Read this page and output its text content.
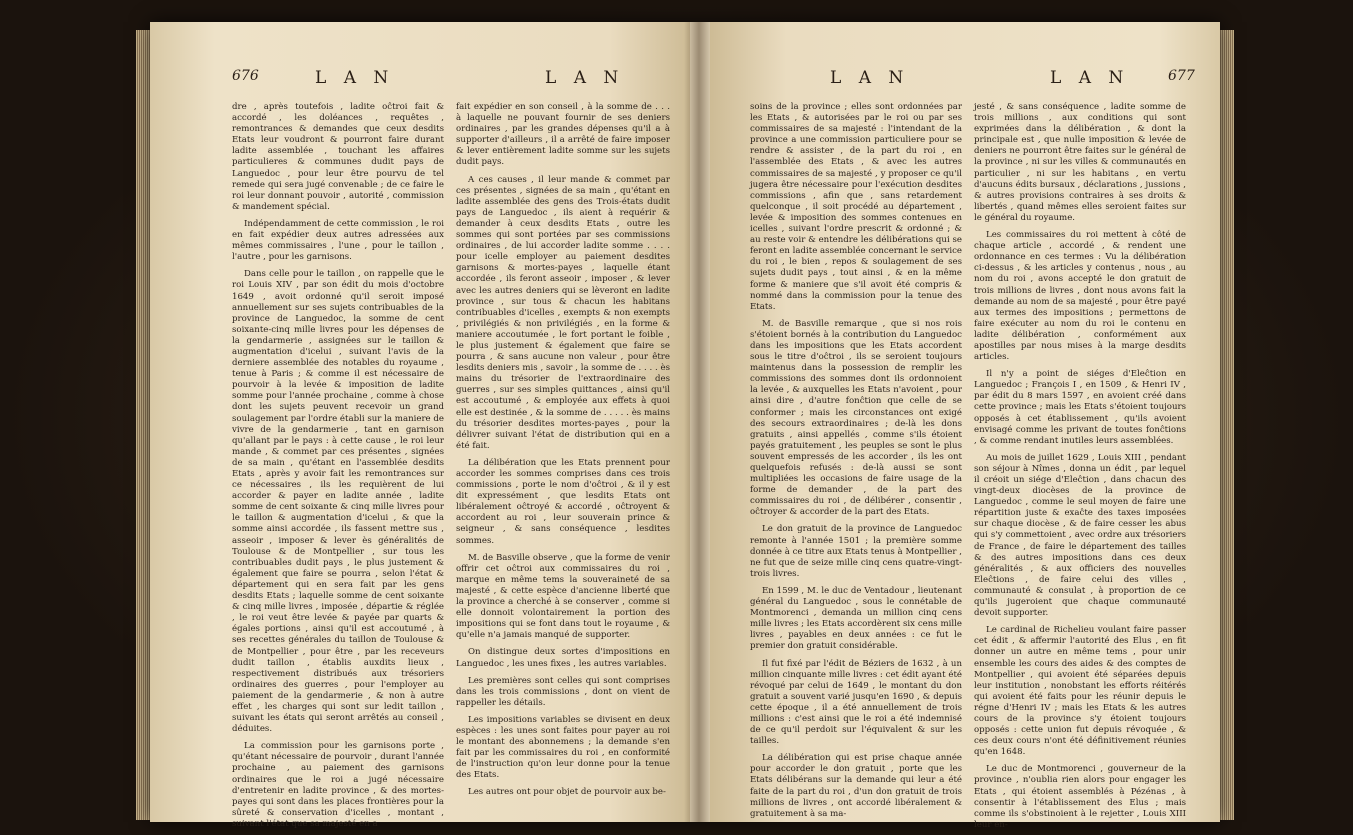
676	L A N	L A N

dre , après toutefois , ladite oĉtroi fait & accordé , les doléances , requêtes , remontrances & demandes que ceux desdits Etats leur voudront & pourront faire durant ladite assemblée , touchant les affaires particulieres & communes dudit pays de Languedoc , pour leur être pourvu de tel remede qui sera jugé convenable ; de ce faire le roi leur donnant pouvoir , autorité , commission & mandement spécial.

Indépendamment de cette commission , le roi en fait expédier deux autres adressées aux mêmes commissaires , l'une , pour le taillon , l'autre , pour les garnisons.

Dans celle pour le taillon , on rappelle que le roi Louis XIV , par son édit du mois d'octobre 1649 , avoit ordonné qu'il seroit imposé annuellement sur ses sujets contribuables de la province de Languedoc, la somme de cent soixante-cinq mille livres pour les dépenses de la gendarmerie , assignées sur le taillon & augmentation d'icelui , suivant l'avis de la derniere assemblée des notables du royaume , tenue à Paris ; & comme il est nécessaire de pourvoir à la levée & imposition de ladite somme pour l'année prochaine , comme à chose dont les sujets peuvent recevoir un grand soulagement par l'ordre établi sur la maniere de vivre de la gendarmerie , tant en garnison qu'allant par le pays : à cette cause , le roi leur mande , & commet par ces présentes , signées de sa main , qu'étant en l'assemblée desdits Etats , après y avoir fait les remontrances sur ce nécessaires , ils les requièrent de lui accorder & payer en ladite année , ladite somme de cent soixante & cinq mille livres pour le taillon & augmentation d'icelui , & que la somme ainsi accordée , ils fassent mettre sus , asseoir , imposer & lever ès généralités de Toulouse & de Montpellier , sur tous les contribuables dudit pays , le plus justement & également que faire se pourra , selon l'état & département qui en sera fait par les gens desdits Etats ; laquelle somme de cent soixante & cinq mille livres , imposée , départie & réglée , le roi veut être levée & payée par quarts & égales portions , ainsi qu'il est accoutumé , à ses recettes générales du taillon de Toulouse & de Montpellier , pour être , par les receveurs dudit taillon , établis auxdits lieux , respectivement distribués aux trésoriers ordinaires des guerres , pour l'employer au paiement de la gendarmerie , & non à autre effet , les charges qui sont sur ledit taillon , suivant les états qui seront arrêtés au conseil , déduites.

La commission pour les garnisons porte , qu'étant nécessaire de pourvoir , durant l'année prochaine , au paiement des garnisons ordinaires que le roi a jugé nécessaire d'entretenir en ladite province , & des mortes-payes qui sont dans les places frontières pour la sûreté & conservation d'icelles , montant , suivant l'état que sa majesté en a

fait expédier en son conseil , à la somme de . . . à laquelle ne pouvant fournir de ses deniers ordinaires , par les grandes dépenses qu'il a à supporter d'ailleurs , il a arrêté de faire imposer & lever entièrement ladite somme sur les sujets dudit pays.

A ces causes , il leur mande & commet par ces présentes , signées de sa main , qu'étant en ladite assemblée des gens des Trois-états dudit pays de Languedoc , ils aient à requérir & demander à ceux desdits Etats , outre les sommes qui sont portées par ses commissions ordinaires , de lui accorder ladite somme . . . . pour icelle employer au paiement desdites garnisons & mortes-payes , laquelle étant accordée , ils feront asseoir , imposer , & lever avec les autres deniers qui se lèveront en ladite province , sur tous & chacun les habitans contribuables d'icelles , exempts & non exempts , privilégiés & non privilégiés , en la forme & maniere accoutumée , le fort portant le foible , le plus justement & également que faire se pourra , & sans aucune non valeur , pour être lesdits deniers mis , savoir , la somme de . . . . ès mains du trésorier de l'extraordinaire des guerres , sur ses simples quittances , ainsi qu'il est accoutumé , & employée aux effets à quoi elle est destinée , & la somme de . . . . . ès mains du trésorier desdites mortes-payes , pour la délivrer suivant l'état de distribution qui en a été fait.

La délibération que les Etats prennent pour accorder les sommes comprises dans ces trois commissions , porte le nom d'oĉtroi , & il y est dit expressément , que lesdits Etats ont libéralement oĉtroyé & accordé , oĉtroyent & accordent au roi , leur souverain prince & seigneur , & sans conséquence , lesdites sommes.

M. de Basville observe , que la forme de venir offrir cet oĉtroi aux commissaires du roi , marque en même tems la souveraineté de sa majesté , & cette espèce d'ancienne liberté que la province a cherché à se conserver , comme si elle donnoit volontairement la portion des impositions qui se font dans tout le royaume , & qu'elle n'a jamais manqué de supporter.

On distingue deux sortes d'impositions en Languedoc , les unes fixes , les autres variables.

Les premières sont celles qui sont comprises dans les trois commissions , dont on vient de rappeller les détails.

Les impositions variables se divisent en deux espèces : les unes sont faites pour payer au roi le montant des abonnemens ; la demande s'en fait par les commissaires du roi , en conformité de l'instruction qu'on leur donne pour la tenue des Etats.

Les autres ont pour objet de pourvoir aux be-

L A N	L A N	677

soins de la province ; elles sont ordonnées par les Etats , & autorisées par le roi ou par ses commissaires de sa majesté : l'intendant de la province a une commission particuliere pour se rendre & assister , de la part du roi , en l'assemblée des Etats , & avec les autres commissaires de sa majesté , y proposer ce qu'il jugera être nécessaire pour l'exécution desdites commissions , afin que , sans retardement quelconque , il soit procédé au département , levée & imposition des sommes contenues en icelles , suivant l'ordre prescrit & ordonné ; & au reste voir & entendre les délibérations qui se feront en ladite assemblée concernant le service du roi , le bien , repos & soulagement de ses sujets dudit pays , tout ainsi , & en la même forme & maniere que s'il avoit été compris & nommé dans la commission pour la tenue des Etats.

M. de Basville remarque , que si nos rois s'étoient bornés à la contribution du Languedoc dans les impositions que les Etats accordent sous le titre d'oĉtroi , ils se seroient toujours maintenus dans la possession de remplir les commissions des sommes dont ils ordonnoient la levée , & auxquelles les Etats n'avoient , pour ainsi dire , d'autre fonĉtion que celle de se conformer ; mais les circonstances ont exigé des secours extraordinaires ; de-là les dons gratuits , ainsi appellés , comme s'ils étoient payés gratuitement , les peuples se sont le plus souvent empressés de les accorder , ils les ont quelquefois refusés : de-là aussi se sont multipliées les occasions de faire usage de la forme de demander , de la part des commissaires du roi , de délibérer , consentir , oĉtroyer & accorder de la part des Etats.

Le don gratuit de la province de Languedoc remonte à l'année 1501 ; la première somme donnée à ce titre aux Etats tenus à Montpellier , ne fut que de seize mille cinq cens quatre-vingt-trois livres.

En 1599 , M. le duc de Ventadour , lieutenant général du Languedoc , sous le connétable de Montmorenci , demanda un million cinq cens mille livres ; les Etats accordèrent six cens mille livres , payables en deux années : ce fut le premier don gratuit considérable.

Il fut fixé par l'édit de Béziers de 1632 , à un million cinquante mille livres : cet édit ayant été révoqué par celui de 1649 , le montant du don gratuit a souvent varié jusqu'en 1690 , & depuis cette époque , il a été annuellement de trois millions : c'est ainsi que le roi a été indemnisé de ce qu'il perdoit sur l'équivalent & sur les tailles.

La délibération qui est prise chaque année pour accorder le don gratuit , porte que les Etats délibérans sur la demande qui leur a été faite de la part du roi , d'un don gratuit de trois millions de livres , ont accordé libéralement & gratuitement à sa ma-

jesté , & sans conséquence , ladite somme de trois millions , aux conditions qui sont exprimées dans la délibération , & dont la principale est , que nulle imposition & levée de deniers ne pourront être faites sur le général de la province , ni sur les villes & communautés en particulier , ni sur les habitans , en vertu d'aucuns édits bursaux , déclarations , jussions , & autres provisions contraires à ses droits & libertés , quand mêmes elles seroient faites sur le général du royaume.

Les commissaires du roi mettent à côté de chaque article , accordé , & rendent une ordonnance en ces termes : Vu la délibération ci-dessus , & les articles y contenus , nous , au nom du roi , avons accepté le don gratuit de trois millions de livres , dont nous avons fait la demande au nom de sa majesté , pour être payé aux termes des impositions ; permettons de faire exécuter au nom du roi le contenu en ladite délibération , conformément aux apostilles par nous mises à la marge desdits articles.

Il n'y a point de siéges d'Eleĉtion en Languedoc ; François I , en 1509 , & Henri IV , par édit du 8 mars 1597 , en avoient créé dans cette province ; mais les Etats s'étoient toujours opposés à cet établissement , qu'ils avoient envisagé comme les privant de toutes fonĉtions , & comme rendant inutiles leurs assemblées.

Au mois de juillet 1629 , Louis XIII , pendant son séjour à Nîmes , donna un édit , par lequel il créoit un siége d'Eleĉtion , dans chacun des vingt-deux diocèses de la province de Languedoc , comme le seul moyen de faire une répartition juste & exaĉte des taxes imposées sur chaque diocèse , & de faire cesser les abus qui s'y commettoient , avec ordre aux trésoriers de France , de faire le département des tailles & des autres impositions dans ces deux généralités , & aux officiers des nouvelles Eleĉtions , de faire celui des villes , communauté & consulat , à proportion de ce qu'ils jugeroient que chaque communauté devoit supporter.

Le cardinal de Richelieu voulant faire passer cet édit , & affermir l'autorité des Elus , en fit donner un autre en même tems , pour unir ensemble les cours des aides & des comptes de Montpellier , qui avoient été séparées depuis leur institution , nonobstant les efforts réitérés qui avoient été faits pour les réunir depuis le régne d'Henri IV ; mais les Etats & les autres cours de la province s'y étoient toujours opposés : cette union fut depuis révoquée , & ces deux cours n'ont été définitivement réunies qu'en 1648.

Le duc de Montmorenci , gouverneur de la province , n'oublia rien alors pour engager les Etats , qui étoient assemblés à Pézénas , à consentir à l'établissement des Elus ; mais comme ils s'obstinoient à le rejetter , Louis XIII leur en-
